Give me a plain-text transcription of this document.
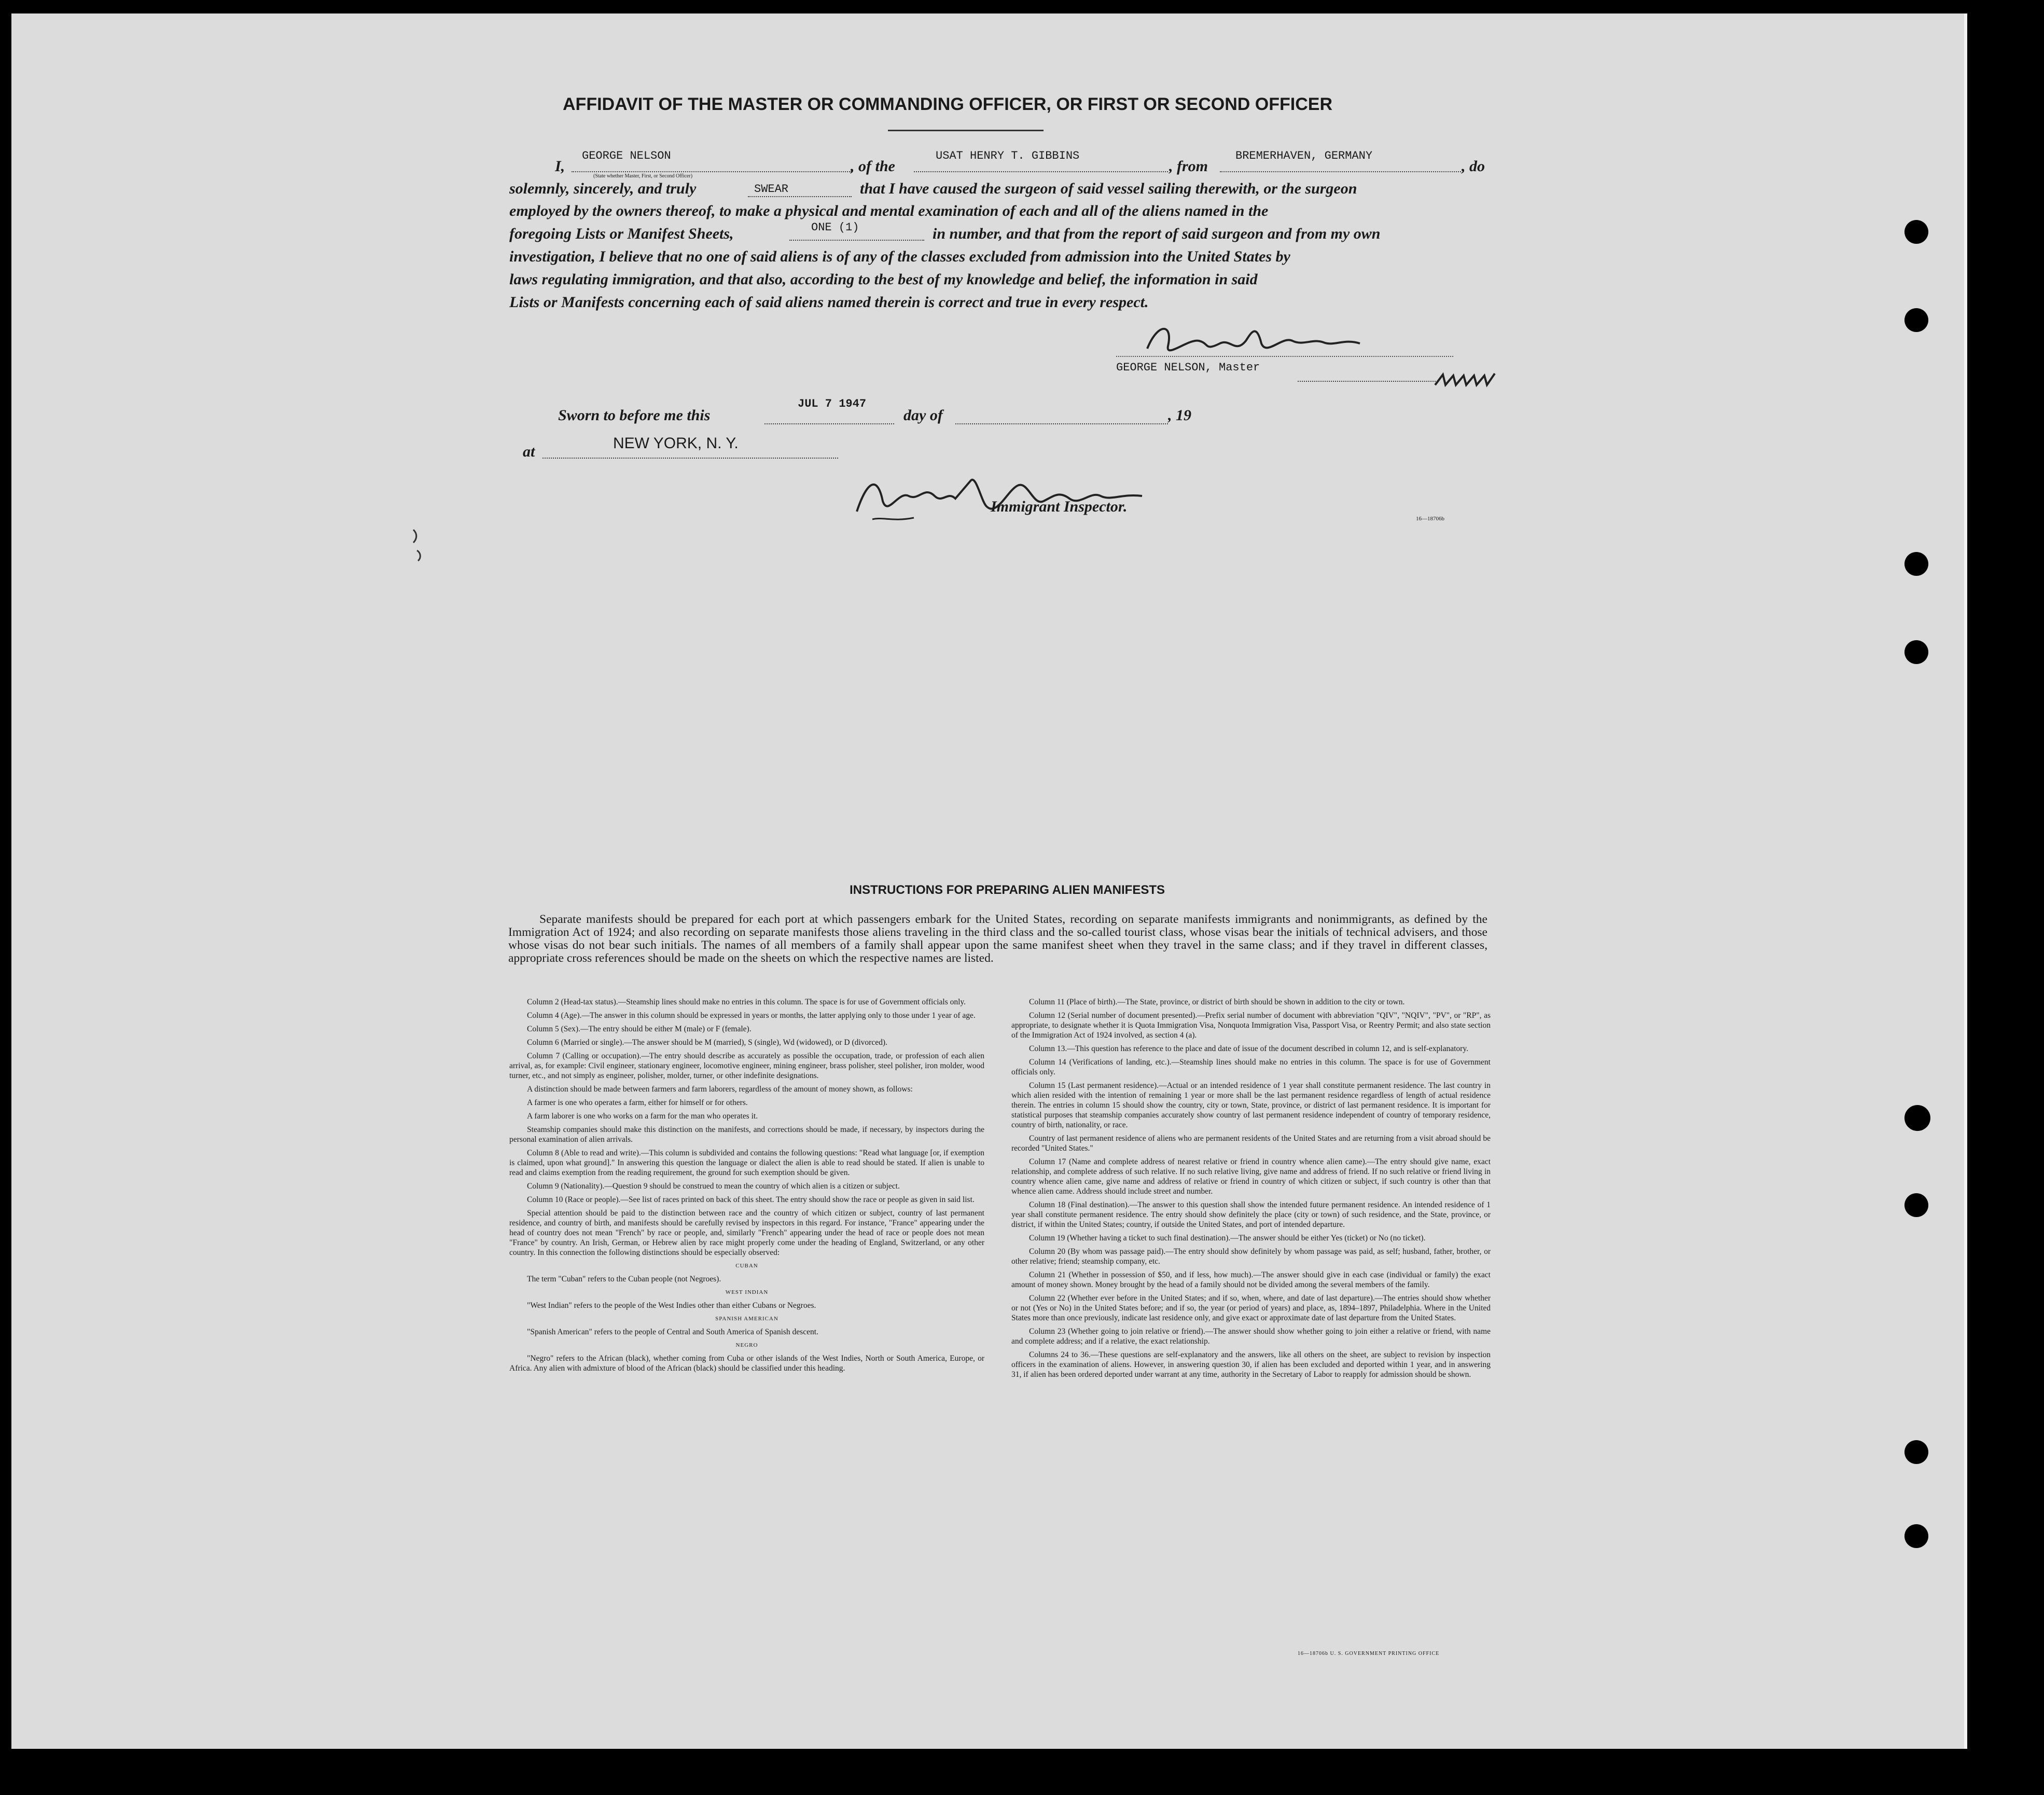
AFFIDAVIT OF THE MASTER OR COMMANDING OFFICER, OR FIRST OR SECOND OFFICER
I,
GEORGE NELSON
(State whether Master, First, or Second Officer)
, of the
USAT HENRY T. GIBBINS
, from
BREMERHAVEN, GERMANY
, do
solemnly, sincerely, and truly	SWEAR	that I have caused the surgeon of said vessel sailing therewith, or the surgeon
employed by the owners thereof, to make a physical and mental examination of each and all of the aliens named in the
foregoing Lists or Manifest Sheets,	ONE (1)	in number, and that from the report of said surgeon and from my own
investigation, I believe that no one of said aliens is of any of the classes excluded from admission into the United States by
laws regulating immigration, and that also, according to the best of my knowledge and belief, the information in said
Lists or Manifests concerning each of said aliens named therein is correct and true in every respect.
GEORGE NELSON, Master
Sworn to before me this
JUL 7 1947
day of	, 19
at	NEW YORK, N. Y.
Immigrant Inspector.
16—18706b
INSTRUCTIONS FOR PREPARING ALIEN MANIFESTS
Separate manifests should be prepared for each port at which passengers embark for the United States, recording on separate manifests immigrants and nonimmigrants, as defined by the Immigration Act of 1924; and also recording on separate manifests those aliens traveling in the third class and the so-called tourist class, whose visas bear the initials of technical advisers, and those whose visas do not bear such initials. The names of all members of a family shall appear upon the same manifest sheet when they travel in the same class; and if they travel in different classes, appropriate cross references should be made on the sheets on which the respective names are listed.

Column 2 (Head-tax status).—Steamship lines should make no entries in this column. The space is for use of Government officials only.

Column 4 (Age).—The answer in this column should be expressed in years or months, the latter applying only to those under 1 year of age.

Column 5 (Sex).—The entry should be either M (male) or F (female).

Column 6 (Married or single).—The answer should be M (married), S (single), Wd (widowed), or D (divorced).

Column 7 (Calling or occupation).—The entry should describe as accurately as possible the occupation, trade, or profession of each alien arrival, as, for example: Civil engineer, stationary engineer, locomotive engineer, mining engineer, brass polisher, steel polisher, iron molder, wood turner, etc., and not simply as engineer, polisher, molder, turner, or other indefinite designations.

A distinction should be made between farmers and farm laborers, regardless of the amount of money shown, as follows:

A farmer is one who operates a farm, either for himself or for others.

A farm laborer is one who works on a farm for the man who operates it.

Steamship companies should make this distinction on the manifests, and corrections should be made, if necessary, by inspectors during the personal examination of alien arrivals.

Column 8 (Able to read and write).—This column is subdivided and contains the following questions: "Read what language [or, if exemption is claimed, upon what ground]." In answering this question the language or dialect the alien is able to read should be stated. If alien is unable to read and claims exemption from the reading requirement, the ground for such exemption should be given.

Column 9 (Nationality).—Question 9 should be construed to mean the country of which alien is a citizen or subject.

Column 10 (Race or people).—See list of races printed on back of this sheet. The entry should show the race or people as given in said list.

Special attention should be paid to the distinction between race and the country of which citizen or subject, country of last permanent residence, and country of birth, and manifests should be carefully revised by inspectors in this regard. For instance, "France" appearing under the head of country does not mean "French" by race or people, and, similarly "French" appearing under the head of race or people does not mean "France" by country. An Irish, German, or Hebrew alien by race might properly come under the heading of England, Switzerland, or any other country. In this connection the following distinctions should be especially observed:

CUBAN

The term "Cuban" refers to the Cuban people (not Negroes).

WEST INDIAN

"West Indian" refers to the people of the West Indies other than either Cubans or Negroes.

SPANISH AMERICAN

"Spanish American" refers to the people of Central and South America of Spanish descent.

NEGRO

"Negro" refers to the African (black), whether coming from Cuba or other islands of the West Indies, North or South America, Europe, or Africa. Any alien with admixture of blood of the African (black) should be classified under this heading.

Column 11 (Place of birth).—The State, province, or district of birth should be shown in addition to the city or town.

Column 12 (Serial number of document presented).—Prefix serial number of document with abbreviation "QIV", "NQIV", "PV", or "RP", as appropriate, to designate whether it is Quota Immigration Visa, Nonquota Immigration Visa, Passport Visa, or Reentry Permit; and also state section of the Immigration Act of 1924 involved, as section 4 (a).

Column 13.—This question has reference to the place and date of issue of the document described in column 12, and is self-explanatory.

Column 14 (Verifications of landing, etc.).—Steamship lines should make no entries in this column. The space is for use of Government officials only.

Column 15 (Last permanent residence).—Actual or an intended residence of 1 year shall constitute permanent residence. The last country in which alien resided with the intention of remaining 1 year or more shall be the last permanent residence regardless of length of actual residence therein. The entries in column 15 should show the country, city or town, State, province, or district of last permanent residence. It is important for statistical purposes that steamship companies accurately show country of last permanent residence independent of country of temporary residence, country of birth, nationality, or race.

Country of last permanent residence of aliens who are permanent residents of the United States and are returning from a visit abroad should be recorded "United States."

Column 17 (Name and complete address of nearest relative or friend in country whence alien came).—The entry should give name, exact relationship, and complete address of such relative. If no such relative living, give name and address of friend. If no such relative or friend living in country whence alien came, give name and address of relative or friend in country of which citizen or subject, if such country is other than that whence alien came. Address should include street and number.

Column 18 (Final destination).—The answer to this question shall show the intended future permanent residence. An intended residence of 1 year shall constitute permanent residence. The entry should show definitely the place (city or town) of such residence, and the State, province, or district, if within the United States; country, if outside the United States, and port of intended departure.

Column 19 (Whether having a ticket to such final destination).—The answer should be either Yes (ticket) or No (no ticket).

Column 20 (By whom was passage paid).—The entry should show definitely by whom passage was paid, as self; husband, father, brother, or other relative; friend; steamship company, etc.

Column 21 (Whether in possession of $50, and if less, how much).—The answer should give in each case (individual or family) the exact amount of money shown. Money brought by the head of a family should not be divided among the several members of the family.

Column 22 (Whether ever before in the United States; and if so, when, where, and date of last departure).—The entries should show whether or not (Yes or No) in the United States before; and if so, the year (or period of years) and place, as, 1894–1897, Philadelphia. Where in the United States more than once previously, indicate last residence only, and give exact or approximate date of last departure from the United States.

Column 23 (Whether going to join relative or friend).—The answer should show whether going to join either a relative or friend, with name and complete address; and if a relative, the exact relationship.

Columns 24 to 36.—These questions are self-explanatory and the answers, like all others on the sheet, are subject to revision by inspection officers in the examination of aliens. However, in answering question 30, if alien has been excluded and deported within 1 year, and in answering 31, if alien has been ordered deported under warrant at any time, authority in the Secretary of Labor to reapply for admission should be shown.

16—18706b U. S. GOVERNMENT PRINTING OFFICE
